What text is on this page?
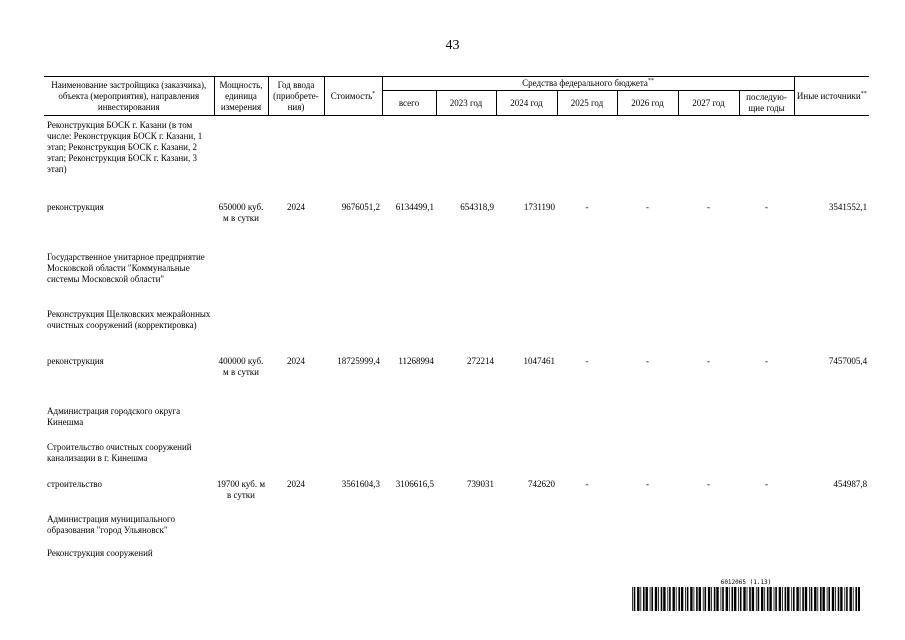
43
Наименование застройщика (заказчика), объекта (мероприятия), направления инвестирования	Мощность, единица измерения	Год ввода (приобрете-ния)	Стоимость*	Средства федерального бюджета**							Иные источники**
				всего	2023 год	2024 год	2025 год	2026 год	2027 год	последую-щие годы	

Реконструкция БОСК г. Казани (в том числе: Реконструкция БОСК г. Казани, 1 этап; Реконструкция БОСК г. Казани, 2 этап; Реконструкция БОСК г. Казани, 3 этап)											
реконструкция	650000 куб. м в сутки	2024	9676051,2	6134499,1	654318,9	1731190	-	-	-	-	3541552,1
Государственное унитарное предприятие Московской области "Коммунальные системы Московской области"											
Реконструкция Щелковских межрайонных очистных сооружений (корректировка)											
реконструкция	400000 куб. м в сутки	2024	18725999,4	11268994	272214	1047461	-	-	-	-	7457005,4
Администрация городского округа Кинешма											
Строительство очистных сооружений канализации в г. Кинешма											
строительство	19700 куб. м в сутки	2024	3561604,3	3106616,5	739031	742620	-	-	-	-	454987,8
Администрация муниципального образования "город Ульяновск"											
Реконструкция сооружений											
6012065 (1.13)
